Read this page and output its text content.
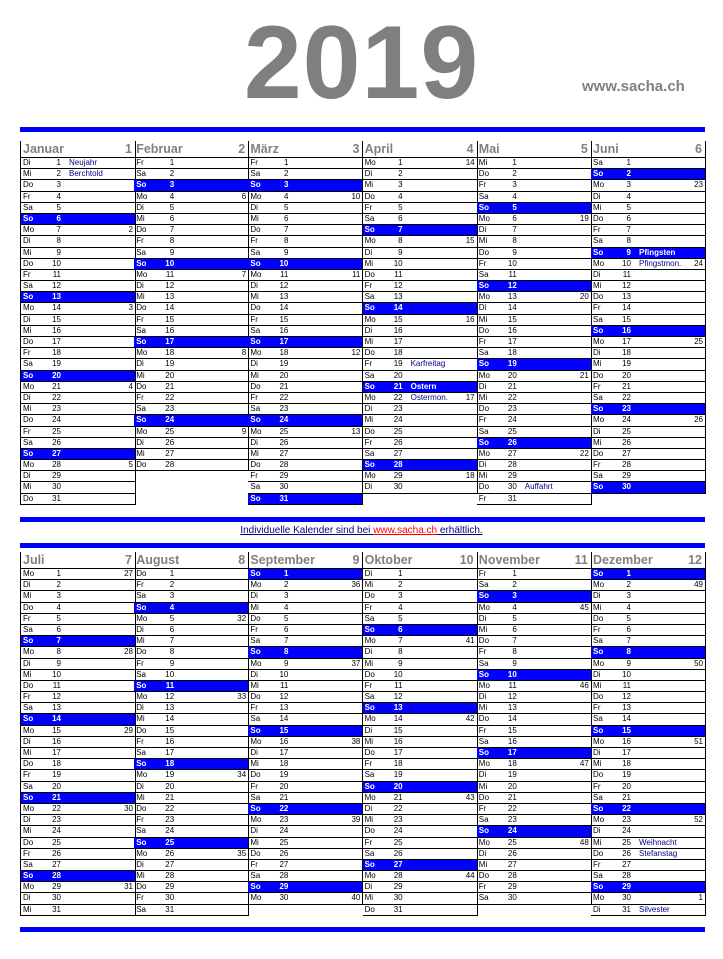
2019	www.sacha.ch
Januar	1
Di	1 Neujahr
Mi	2 Berchtold
Do	3
Fr	4
Sa	5
So	6
Mo	7	2
Di	8
Mi	9
Do	10
Fr	11
Sa	12
So	13
Mo	14	3
Di	15
Mi	16
Do	17
Fr	18
Sa	19
So	20
Mo	21	4
Di	22
Mi	23
Do	24
Fr	25
Sa	26
So	27
Mo	28	5
Di	29
Mi	30
Do	31
Februar	2
Fr	1
Sa	2
So	3
Mo	4	6
Di	5
Mi	6
Do	7
Fr	8
Sa	9
So	10
Mo	11	7
Di	12
Mi	13
Do	14
Fr	15
Sa	16
So	17
Mo	18	8
Di	19
Mi	20
Do	21
Fr	22
Sa	23
So	24
Mo	25	9
Di	26
Mi	27
Do	28
März	3
Fr	1
Sa	2
So	3
Mo	4	10
Di	5
Mi	6
Do	7
Fr	8
Sa	9
So	10
Mo	11	11
Di	12
Mi	13
Do	14
Fr	15
Sa	16
So	17
Mo	18	12
Di	19
Mi	20
Do	21
Fr	22
Sa	23
So	24
Mo	25	13
Di	26
Mi	27
Do	28
Fr	29
Sa	30
So	31
April	4
Mo	1	14
Di	2
Mi	3
Do	4
Fr	5
Sa	6
So	7
Mo	8	15
Di	9
Mi	10
Do	11
Fr	12
Sa	13
So	14
Mo	15	16
Di	16
Mi	17
Do	18
Fr	19 Karfreitag
Sa	20
So	21 Ostern
Mo	22 Ostermon. 17
Di	23
Mi	24
Do	25
Fr	26
Sa	27
So	28
Mo	29	18
Di	30
Mai	5
Mi	1
Do	2
Fr	3
Sa	4
So	5
Mo	6	19
Di	7
Mi	8
Do	9
Fr	10
Sa	11
So	12
Mo	13	20
Di	14
Mi	15
Do	16
Fr	17
Sa	18
So	19
Mo	20	21
Di	21
Mi	22
Do	23
Fr	24
Sa	25
So	26
Mo	27	22
Di	28
Mi	29
Do	30 Auffahrt
Fr	31
Juni	6
Sa	1
So	2
Mo	3	23
Di	4
Mi	5
Do	6
Fr	7
Sa	8
So	9 Pfingsten
Mo	10 Pfingstmon. 24
Di	11
Mi	12
Do	13
Fr	14
Sa	15
So	16
Mo	17	25
Di	18
Mi	19
Do	20
Fr	21
Sa	22
So	23
Mo	24	26
Di	25
Mi	26
Do	27
Fr	28
Sa	29
So	30
Individuelle Kalender sind bei www.sacha.ch erhältlich.
Juli	7
Mo	1	27
Di	2
Mi	3
Do	4
Fr	5
Sa	6
So	7
Mo	8	28
Di	9
Mi	10
Do	11
Fr	12
Sa	13
So	14
Mo	15	29
Di	16
Mi	17
Do	18
Fr	19
Sa	20
So	21
Mo	22	30
Di	23
Mi	24
Do	25
Fr	26
Sa	27
So	28
Mo	29	31
Di	30
Mi	31
August	8
Do	1
Fr	2
Sa	3
So	4
Mo	5	32
Di	6
Mi	7
Do	8
Fr	9
Sa	10
So	11
Mo	12	33
Di	13
Mi	14
Do	15
Fr	16
Sa	17
So	18
Mo	19	34
Di	20
Mi	21
Do	22
Fr	23
Sa	24
So	25
Mo	26	35
Di	27
Mi	28
Do	29
Fr	30
Sa	31
September	9
So	1
Mo	2	36
Di	3
Mi	4
Do	5
Fr	6
Sa	7
So	8
Mo	9	37
Di	10
Mi	11
Do	12
Fr	13
Sa	14
So	15
Mo	16	38
Di	17
Mi	18
Do	19
Fr	20
Sa	21
So	22
Mo	23	39
Di	24
Mi	25
Do	26
Fr	27
Sa	28
So	29
Mo	30	40
Oktober	10
Di	1
Mi	2
Do	3
Fr	4
Sa	5
So	6
Mo	7	41
Di	8
Mi	9
Do	10
Fr	11
Sa	12
So	13
Mo	14	42
Di	15
Mi	16
Do	17
Fr	18
Sa	19
So	20
Mo	21	43
Di	22
Mi	23
Do	24
Fr	25
Sa	26
So	27
Mo	28	44
Di	29
Mi	30
Do	31
November	11
Fr	1
Sa	2
So	3
Mo	4	45
Di	5
Mi	6
Do	7
Fr	8
Sa	9
So	10
Mo	11	46
Di	12
Mi	13
Do	14
Fr	15
Sa	16
So	17
Mo	18	47
Di	19
Mi	20
Do	21
Fr	22
Sa	23
So	24
Mo	25	48
Di	26
Mi	27
Do	28
Fr	29
Sa	30
Dezember	12
So	1
Mo	2	49
Di	3
Mi	4
Do	5
Fr	6
Sa	7
So	8
Mo	9	50
Di	10
Mi	11
Do	12
Fr	13
Sa	14
So	15
Mo	16	51
Di	17
Mi	18
Do	19
Fr	20
Sa	21
So	22
Mo	23	52
Di	24
Mi	25 Weihnacht
Do	26 Stefanstag
Fr	27
Sa	28
So	29
Mo	30	1
Di	31 Silvester
